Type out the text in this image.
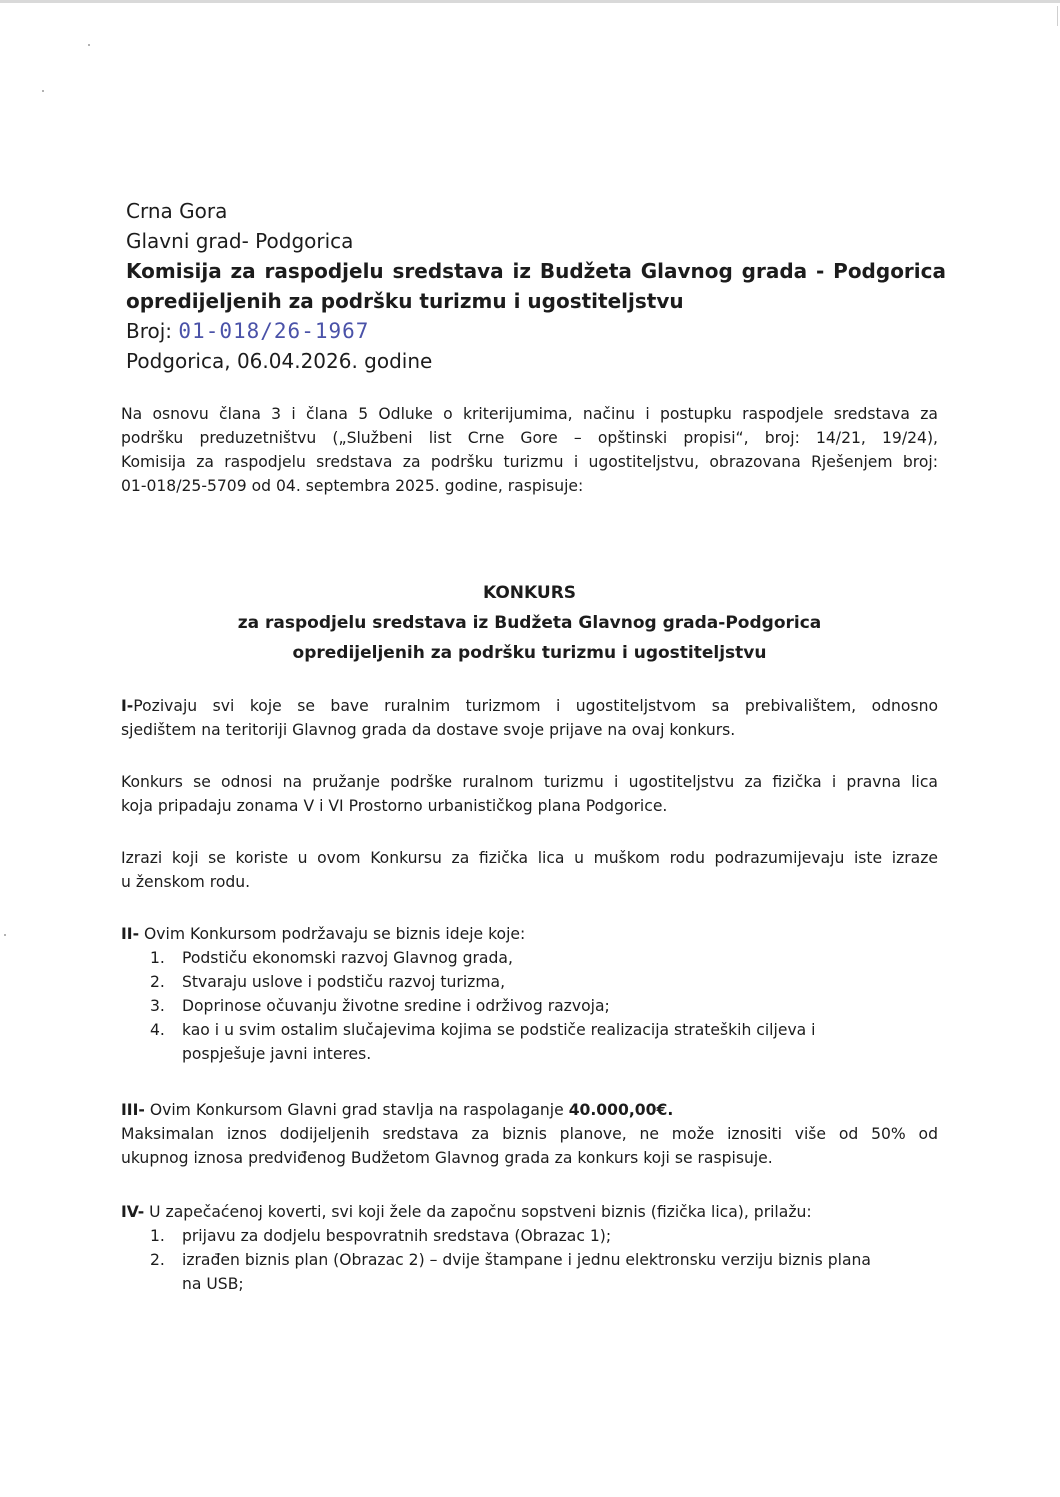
Crna Gora

Glavni grad- Podgorica

Komisija za raspodjelu sredstava iz Budžeta Glavnog grada - Podgorica

opredijeljenih za podršku turizmu i ugostiteljstvu

Broj: 01-018/26-1967

Podgorica, 06.04.2026. godine

Na osnovu člana 3 i člana 5 Odluke o kriterijumima, načinu i postupku raspodjele sredstava za

podršku preduzetništvu („Službeni list Crne Gore – opštinski propisi“, broj: 14/21, 19/24),

Komisija za raspodjelu sredstava za podršku turizmu i ugostiteljstvu, obrazovana Rješenjem broj:

01-018/25-5709 od 04. septembra 2025. godine, raspisuje:

KONKURS

za raspodjelu sredstava iz Budžeta Glavnog grada-Podgorica

opredijeljenih za podršku turizmu i ugostiteljstvu

I-Pozivaju svi koje se bave ruralnim turizmom i ugostiteljstvom sa prebivalištem, odnosno

sjedištem na teritoriji Glavnog grada da dostave svoje prijave na ovaj konkurs.

Konkurs se odnosi na pružanje podrške ruralnom turizmu i ugostiteljstvu za fizička i pravna lica

koja pripadaju zonama V i VI Prostorno urbanističkog plana Podgorice.

Izrazi koji se koriste u ovom Konkursu za fizička lica u muškom rodu podrazumijevaju iste izraze

u ženskom rodu.

II- Ovim Konkursom podržavaju se biznis ideje koje:

1. Podstiču ekonomski razvoj Glavnog grada,
2. Stvaraju uslove i podstiču razvoj turizma,
3. Doprinose očuvanju životne sredine i održivog razvoja;
4. kao i u svim ostalim slučajevima kojima se podstiče realizacija strateških ciljeva i
pospješuje javni interes.

III- Ovim Konkursom Glavni grad stavlja na raspolaganje 40.000,00€.

Maksimalan iznos dodijeljenih sredstava za biznis planove, ne može iznositi više od 50% od

ukupnog iznosa predviđenog Budžetom Glavnog grada za konkurs koji se raspisuje.

IV- U zapečaćenoj koverti, svi koji žele da započnu sopstveni biznis (fizička lica), prilažu:

1. prijavu za dodjelu bespovratnih sredstava (Obrazac 1);
2. izrađen biznis plan (Obrazac 2) – dvije štampane i jednu elektronsku verziju biznis plana
na USB;
